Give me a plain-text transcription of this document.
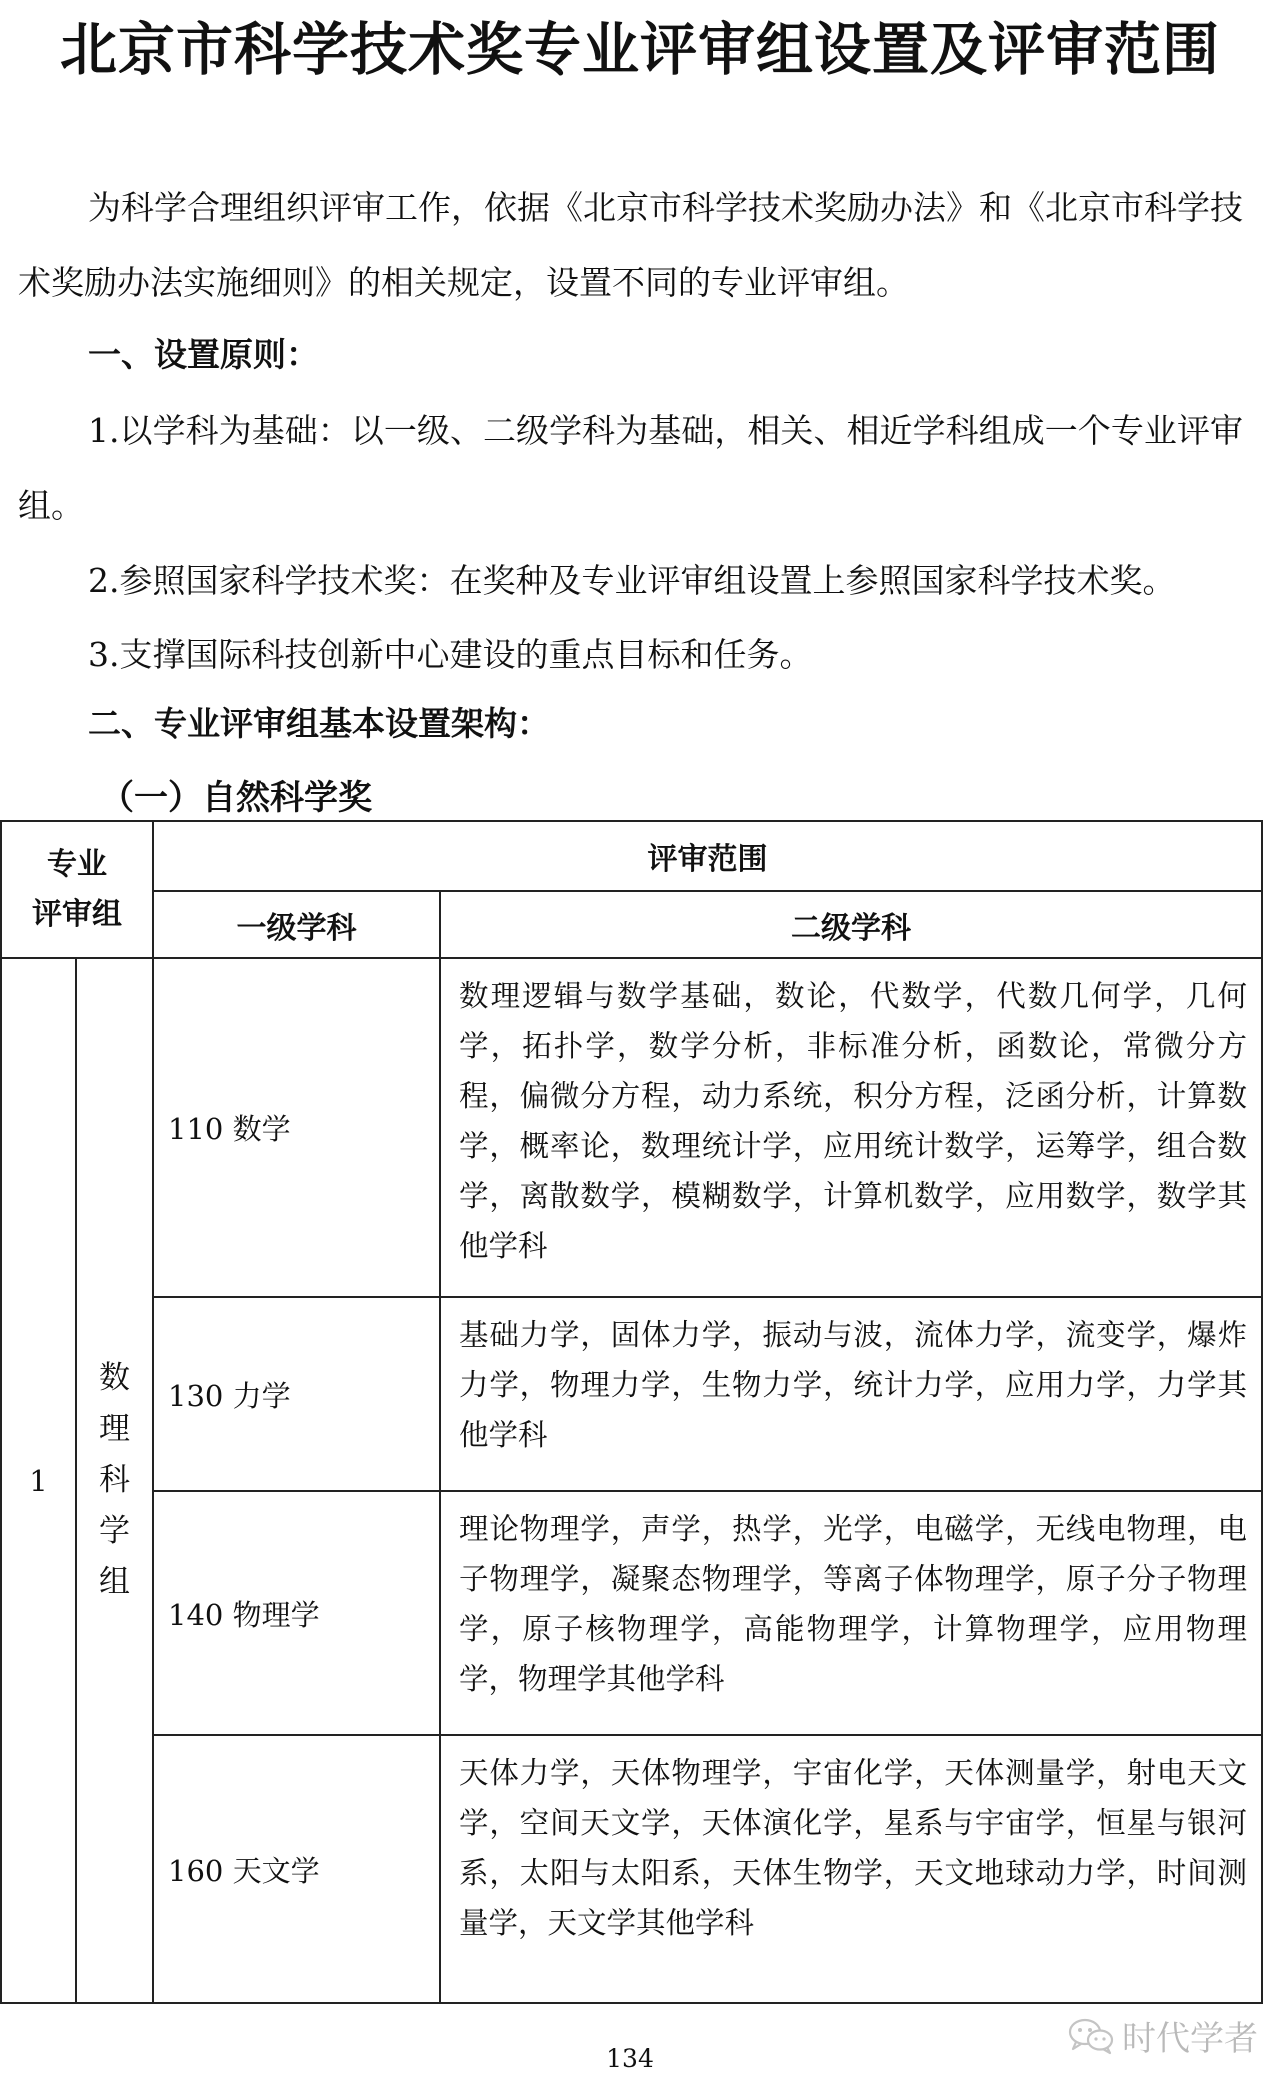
北京市科学技术奖专业评审组设置及评审范围
为科学合理组织评审工作，依据《北京市科学技术奖励办法》和《北京市科学技术奖励办法实施细则》的相关规定，设置不同的专业评审组。
一、设置原则：
1.以学科为基础：以一级、二级学科为基础，相关、相近学科组成一个专业评审组。
2.参照国家科学技术奖：在奖种及专业评审组设置上参照国家科学技术奖。
3.支撑国际科技创新中心建设的重点目标和任务。
二、专业评审组基本设置架构：
（一）自然科学奖
专业
评审组		评审范围	
		一级学科	二级学科
1	数
理
科
学
组	110 数学	数理逻辑与数学基础，数论，代数学，代数几何学，几何学，拓扑学，数学分析，非标准分析，函数论，常微分方程，偏微分方程，动力系统，积分方程，泛函分析，计算数学，概率论，数理统计学，应用统计数学，运筹学，组合数学，离散数学，模糊数学，计算机数学，应用数学，数学其他学科
		130 力学	基础力学，固体力学，振动与波，流体力学，流变学，爆炸力学，物理力学，生物力学，统计力学，应用力学，力学其他学科
		140 物理学	理论物理学，声学，热学，光学，电磁学，无线电物理，电子物理学，凝聚态物理学，等离子体物理学，原子分子物理学，原子核物理学，高能物理学，计算物理学，应用物理学，物理学其他学科
		160 天文学	天体力学，天体物理学，宇宙化学，天体测量学，射电天文学，空间天文学，天体演化学，星系与宇宙学，恒星与银河系，太阳与太阳系，天体生物学，天文地球动力学，时间测量学，天文学其他学科
时代学者
134
